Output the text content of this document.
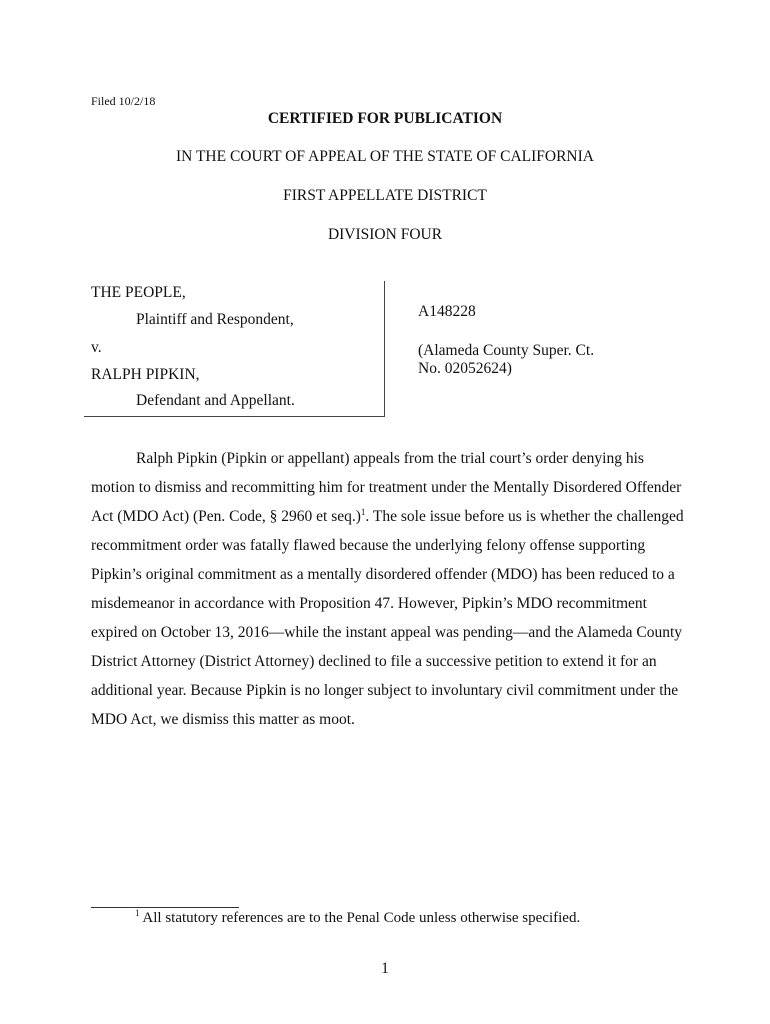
Filed 10/2/18
CERTIFIED FOR PUBLICATION
IN THE COURT OF APPEAL OF THE STATE OF CALIFORNIA
FIRST APPELLATE DISTRICT
DIVISION FOUR
THE PEOPLE,
Plaintiff and Respondent,
v.
RALPH PIPKIN,
Defendant and Appellant.
A148228
(Alameda County Super. Ct.
No. 02052624)

Ralph Pipkin (Pipkin or appellant) appeals from the trial court’s order denying his motion to dismiss and recommitting him for treatment under the Mentally Disordered Offender Act (MDO Act) (Pen. Code, § 2960 et seq.)$^1$. The sole issue before us is whether the challenged recommitment order was fatally flawed because the underlying felony offense supporting Pipkin’s original commitment as a mentally disordered offender (MDO) has been reduced to a misdemeanor in accordance with Proposition 47. However, Pipkin’s MDO recommitment expired on October 13, 2016—while the instant appeal was pending—and the Alameda County District Attorney (District Attorney) declined to file a successive petition to extend it for an additional year. Because Pipkin is no longer subject to involuntary civil commitment under the MDO Act, we dismiss this matter as moot.

$^1$ All statutory references are to the Penal Code unless otherwise specified.
1
